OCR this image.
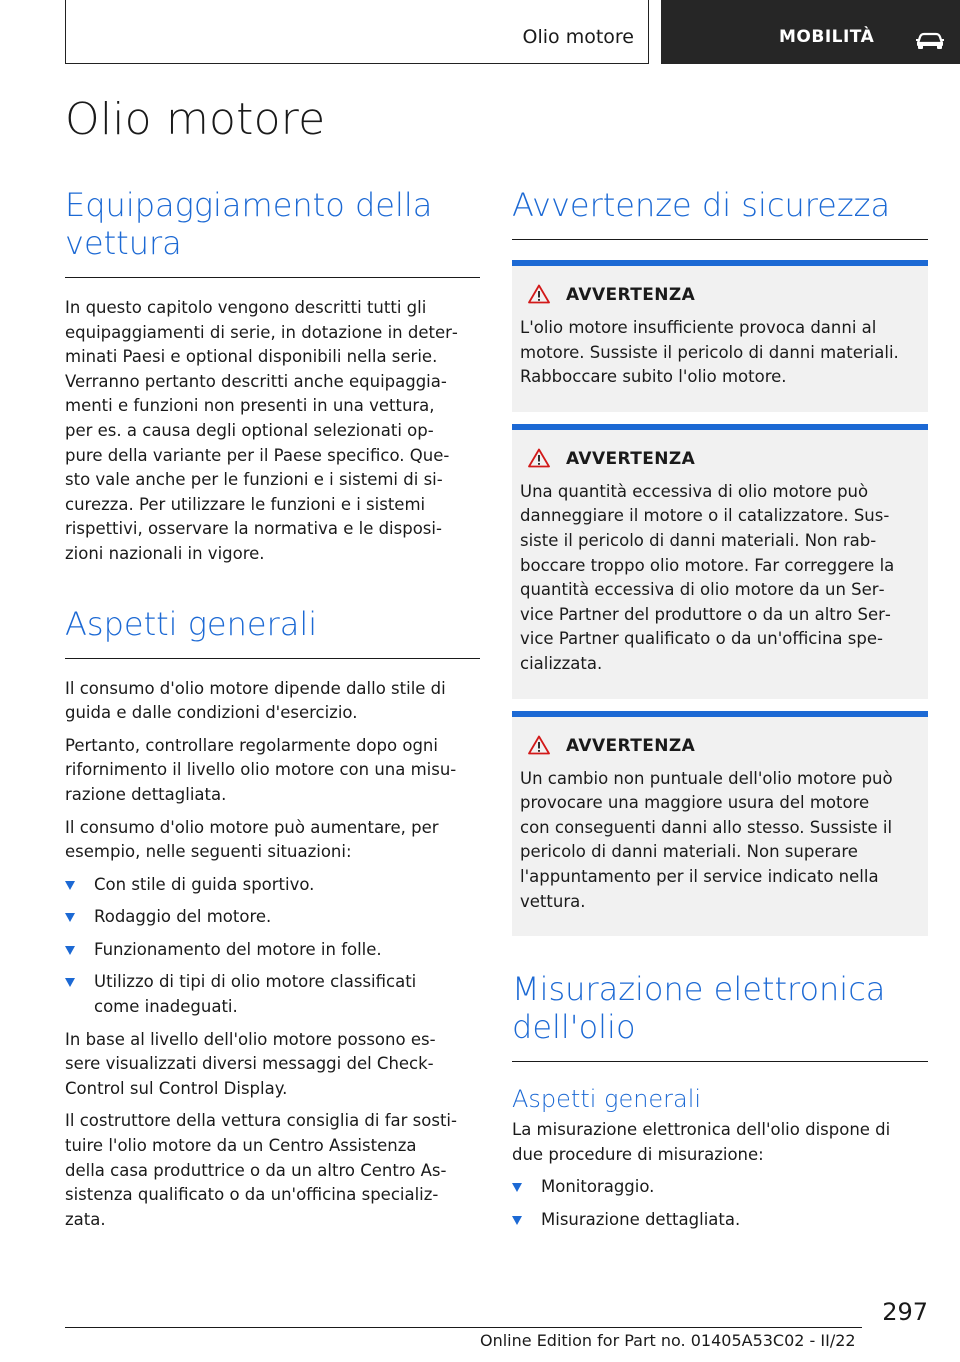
Olio motore	MOBILITÀ
Olio motore
Equipaggiamento della
vettura
In questo capitolo vengono descritti tutti gli
equipaggiamenti di serie, in dotazione in deter‐
minati Paesi e optional disponibili nella serie.
Verranno pertanto descritti anche equipaggia‐
menti e funzioni non presenti in una vettura,
per es. a causa degli optional selezionati op‐
pure della variante per il Paese specifico. Que‐
sto vale anche per le funzioni e i sistemi di si‐
curezza. Per utilizzare le funzioni e i sistemi
rispettivi, osservare la normativa e le disposi‐
zioni nazionali in vigore.
Aspetti generali
Il consumo d'olio motore dipende dallo stile di
guida e dalle condizioni d'esercizio.
Pertanto, controllare regolarmente dopo ogni
rifornimento il livello olio motore con una misu‐
razione dettagliata.
Il consumo d'olio motore può aumentare, per
esempio, nelle seguenti situazioni:
Con stile di guida sportivo.
Rodaggio del motore.
Funzionamento del motore in folle.
Utilizzo di tipi di olio motore classificati
come inadeguati.
In base al livello dell'olio motore possono es‐
sere visualizzati diversi messaggi del Check-
Control sul Control Display.
Il costruttore della vettura consiglia di far sosti‐
tuire l'olio motore da un Centro Assistenza
della casa produttrice o da un altro Centro As‐
sistenza qualificato o da un'officina specializ‐
zata.
Avvertenze di sicurezza
AVVERTENZA
L'olio motore insufficiente provoca danni al
motore. Sussiste il pericolo di danni materiali.
Rabboccare subito l'olio motore.
AVVERTENZA
Una quantità eccessiva di olio motore può
danneggiare il motore o il catalizzatore. Sus‐
siste il pericolo di danni materiali. Non rab‐
boccare troppo olio motore. Far correggere la
quantità eccessiva di olio motore da un Ser‐
vice Partner del produttore o da un altro Ser‐
vice Partner qualificato o da un'officina spe‐
cializzata.
AVVERTENZA
Un cambio non puntuale dell'olio motore può
provocare una maggiore usura del motore
con conseguenti danni allo stesso. Sussiste il
pericolo di danni materiali. Non superare
l'appuntamento per il service indicato nella
vettura.
Misurazione elettronica
dell'olio
Aspetti generali
La misurazione elettronica dell'olio dispone di
due procedure di misurazione:
Monitoraggio.
Misurazione dettagliata.
297
Online Edition for Part no. 01405A53C02 - II/22
